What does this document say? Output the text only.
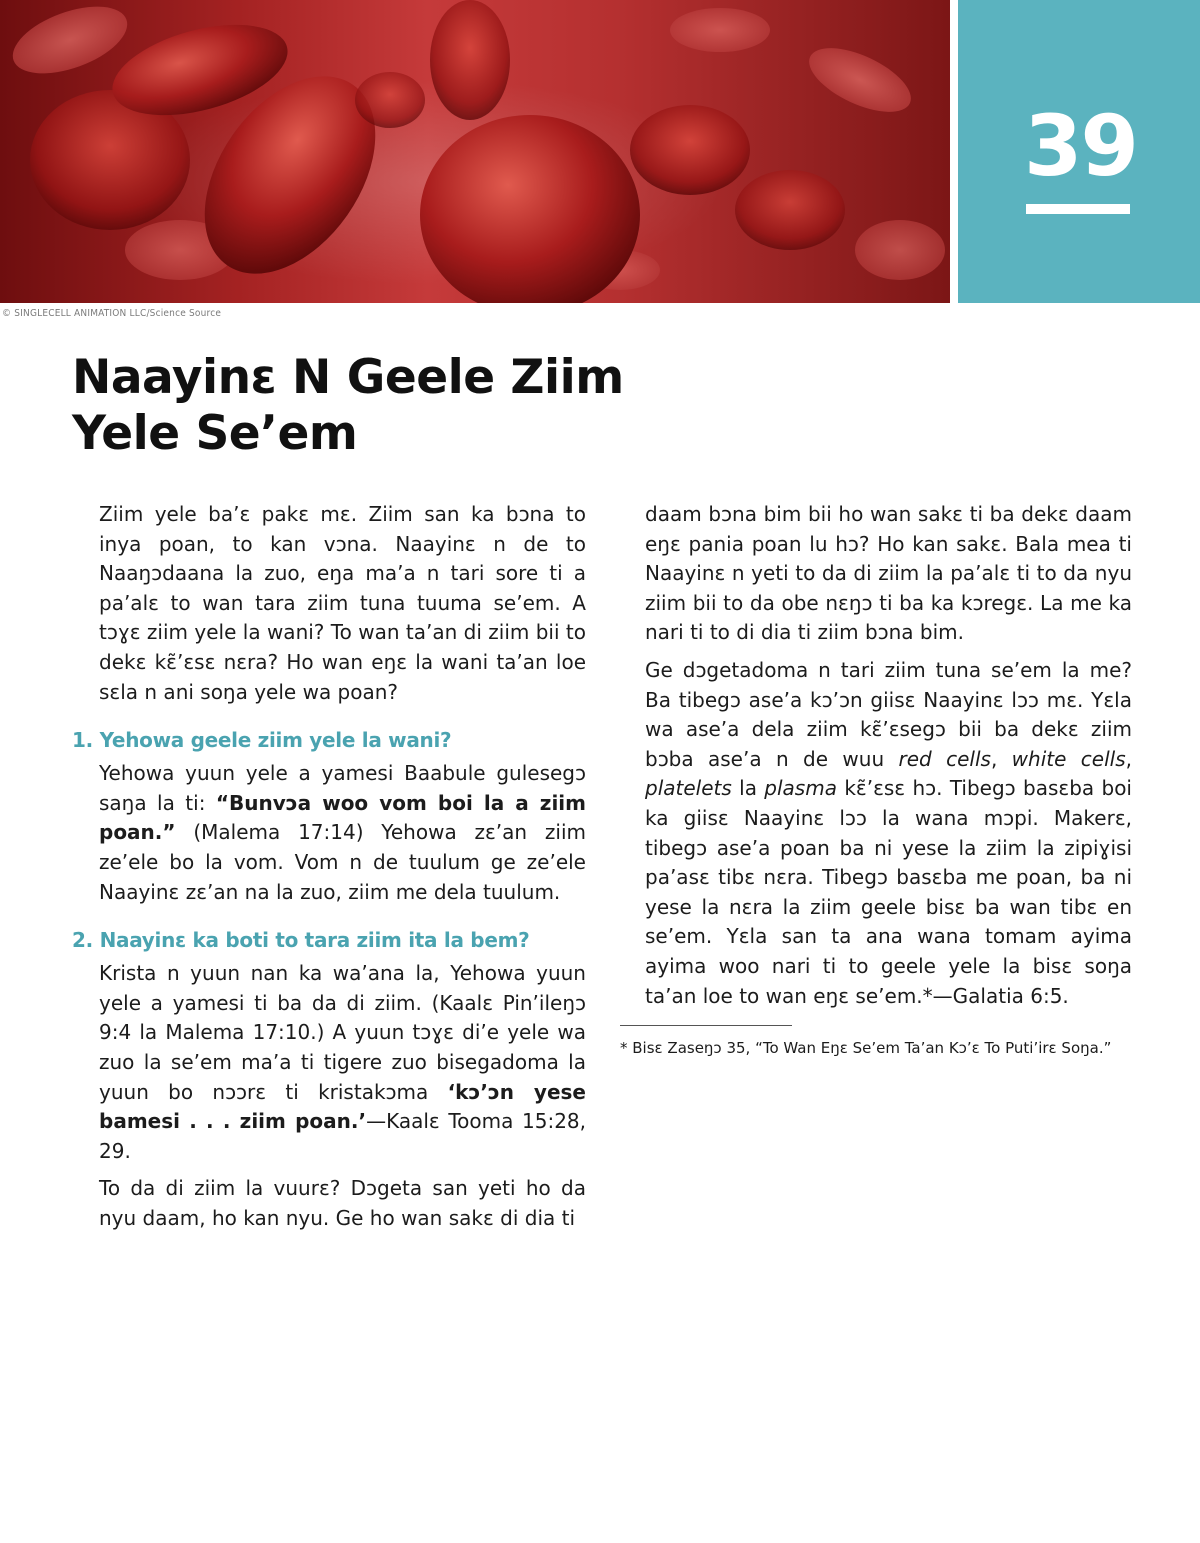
39
© SINGLECELL ANIMATION LLC/Science Source
Naayinɛ N Geele Ziim
Yele Se’em

Ziim yele ba’ɛ pakɛ mɛ. Ziim san ka bɔna to inya poan, to kan vɔna. Naayinɛ n de to Naaŋɔdaana la zuo, eŋa ma’a n tari sore ti a pa’alɛ to wan tara ziim tuna tuuma se’em. A tɔɣɛ ziim yele la wani? To wan ta’an di ziim bii to dekɛ kɛ̃’ɛsɛ nɛra? Ho wan eŋɛ la wani ta’an loe sɛla n ani soŋa yele wa poan?

1. Yehowa geele ziim yele la wani?

Yehowa yuun yele a yamesi Baabule gulesegɔ saŋa la ti: “Bunvɔa woo vom boi la a ziim poan.” (Malema 17:14) Yehowa zɛ’an ziim ze’ele bo la vom. Vom n de tuulum ge ze’ele Naayinɛ zɛ’an na la zuo, ziim me dela tuulum.

2. Naayinɛ ka boti to tara ziim ita la bem?

Krista n yuun nan ka wa’ana la, Yehowa yuun yele a yamesi ti ba da di ziim. (Kaalɛ Pin’ileŋɔ 9:4 la Malema 17:10.) A yuun tɔɣɛ di’e yele wa zuo la se’em ma’a ti tigere zuo bisegadoma la yuun bo nɔɔrɛ ti kristakɔma ‘kɔ’ɔn yese bamesi . . . ziim poan.’—Kaalɛ Tooma 15:28, 29.

To da di ziim la vuurɛ? Dɔgeta san yeti ho da nyu daam, ho kan nyu. Ge ho wan sakɛ di dia ti

daam bɔna bim bii ho wan sakɛ ti ba dekɛ daam eŋɛ pania poan lu hɔ? Ho kan sakɛ. Bala mea ti Naayinɛ n yeti to da di ziim la pa’alɛ ti to da nyu ziim bii to da obe nɛŋɔ ti ba ka kɔregɛ. La me ka nari ti to di dia ti ziim bɔna bim.

Ge dɔgetadoma n tari ziim tuna se’em la me? Ba tibegɔ ase’a kɔ’ɔn giisɛ Naayinɛ lɔɔ mɛ. Yɛla wa ase’a dela ziim kɛ̃’ɛsegɔ bii ba dekɛ ziim bɔba ase’a n de wuu red cells, white cells, platelets la plasma kɛ̃’ɛsɛ hɔ. Tibegɔ basɛba boi ka giisɛ Naayinɛ lɔɔ la wana mɔpi. Makerɛ, tibegɔ ase’a poan ba ni yese la ziim la zipiɣisi pa’asɛ tibɛ nɛra. Tibegɔ basɛba me poan, ba ni yese la nɛra la ziim geele bisɛ ba wan tibɛ en se’em. Yɛla san ta ana wana tomam ayima ayima woo nari ti to geele yele la bisɛ soŋa ta’an loe to wan eŋɛ se’em.*—Galatia 6:5.

* Bisɛ Zaseŋɔ 35, “To Wan Eŋɛ Se’em Ta’an Kɔ’ɛ To Puti’irɛ Soŋa.”
